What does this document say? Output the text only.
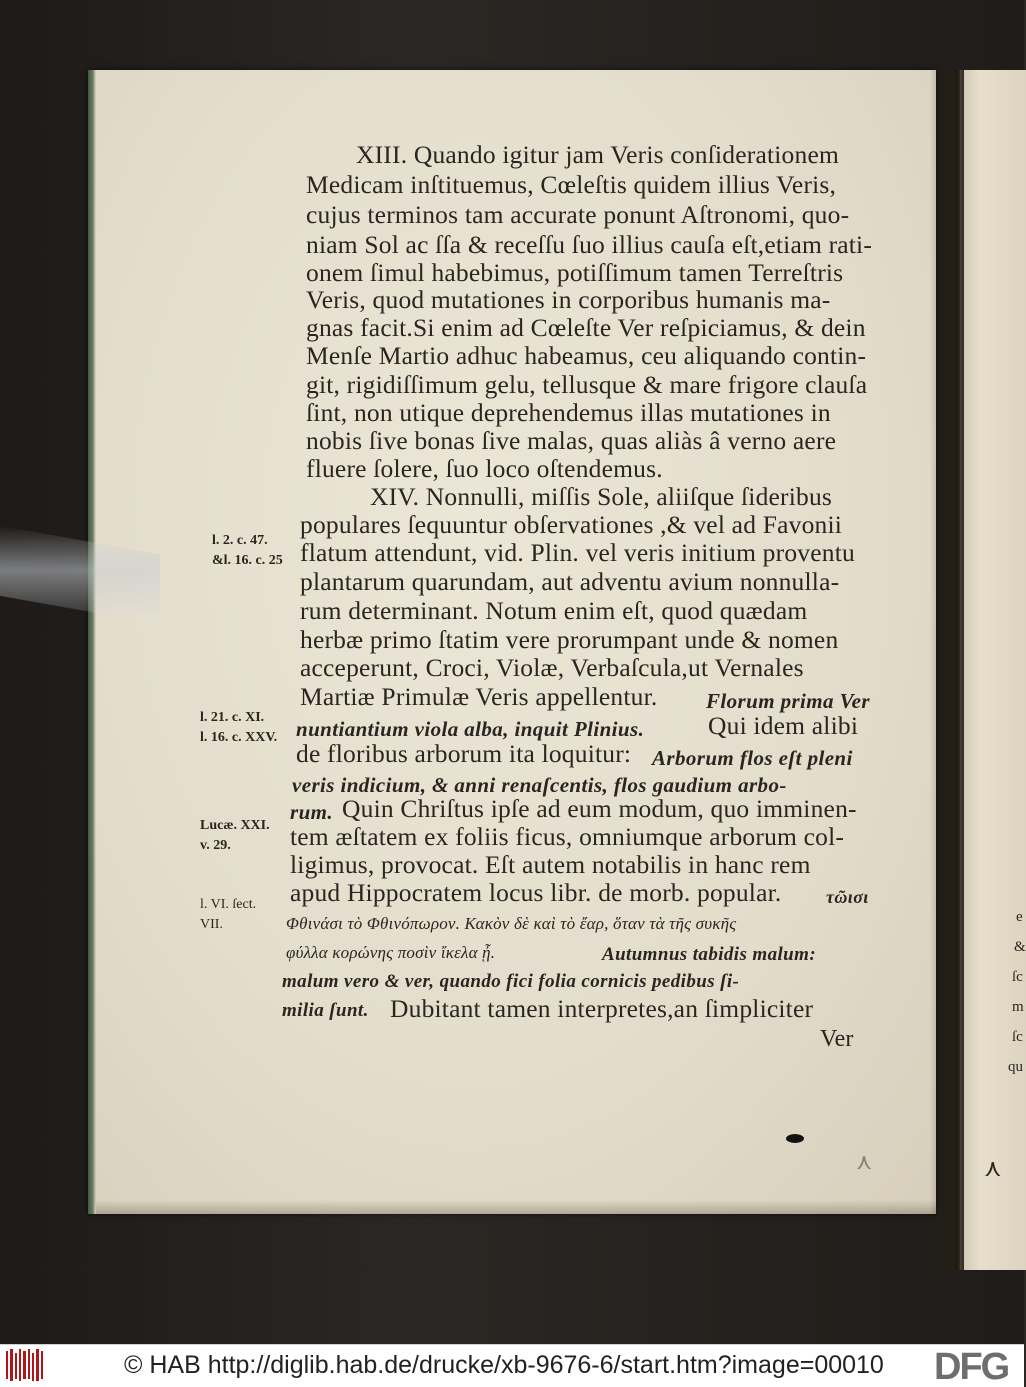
XIII. Quando igitur jam Veris conſiderationem
Medicam inſtituemus, Cœleſtis quidem illius Veris,
cujus terminos tam accurate ponunt Aſtronomi, quo-
niam Sol ac ſſa & receſſu ſuo illius cauſa eſt,etiam rati-
onem ſimul habebimus, potiſſimum tamen Terreſtris
Veris, quod mutationes in corporibus humanis ma-
gnas facit.Si enim ad Cœleſte Ver reſpiciamus, & dein
Menſe Martio adhuc habeamus, ceu aliquando contin-
git, rigidiſſimum gelu, tellusque & mare frigore clauſa
ſint, non utique deprehendemus illas mutationes in
nobis ſive bonas ſive malas, quas aliàs â verno aere
fluere ſolere, ſuo loco oſtendemus.
XIV. Nonnulli, miſſis Sole, aliiſque ſideribus
populares ſequuntur obſervationes ,& vel ad Favonii
flatum attendunt, vid. Plin. vel veris initium proventu
plantarum quarundam, aut adventu avium nonnulla-
rum determinant. Notum enim eſt, quod quædam
herbæ primo ſtatim vere prorumpant unde & nomen
acceperunt, Croci, Violæ, Verbaſcula,ut Vernales
Martiæ Primulæ Veris appellentur. Florum prima Ver
nuntiantium viola alba, inquit Plinius.	Qui idem alibi
de floribus arborum ita loquitur: Arborum flos eſt pleni
veris indicium, & anni renaſcentis, flos gaudium arbo-
rum. Quin Chriſtus ipſe ad eum modum, quo imminen-
tem æſtatem ex foliis ficus, omniumque arborum col-
ligimus, provocat. Eſt autem notabilis in hanc rem
apud Hippocratem locus libr. de morb. popular. τῶισι
Φθινάσι τὸ Φθινόπωρον. Κακὸν δὲ καὶ τὸ ἔαρ, ὅταν τὰ τῆς συκῆς
φύλλα κορώνης ποσὶν ἴκελα ᾖ.	Autumnus tabidis malum:
malum vero & ver, quando fici folia cornicis pedibus ſi-
milia ſunt. Dubitant tamen interpretes,an ſimpliciter
Ver
l. 2. c. 47.
&l. 16. c. 25
l. 21. c. XI.
l. 16. c. XXV.
Lucæ. XXI.
v. 29.
l. VI. ſect.
VII.	e
&
ſc
m
ſc
qu
⋏	⋏
© HAB http://diglib.hab.de/drucke/xb-9676-6/start.htm?image=00010 DFG
